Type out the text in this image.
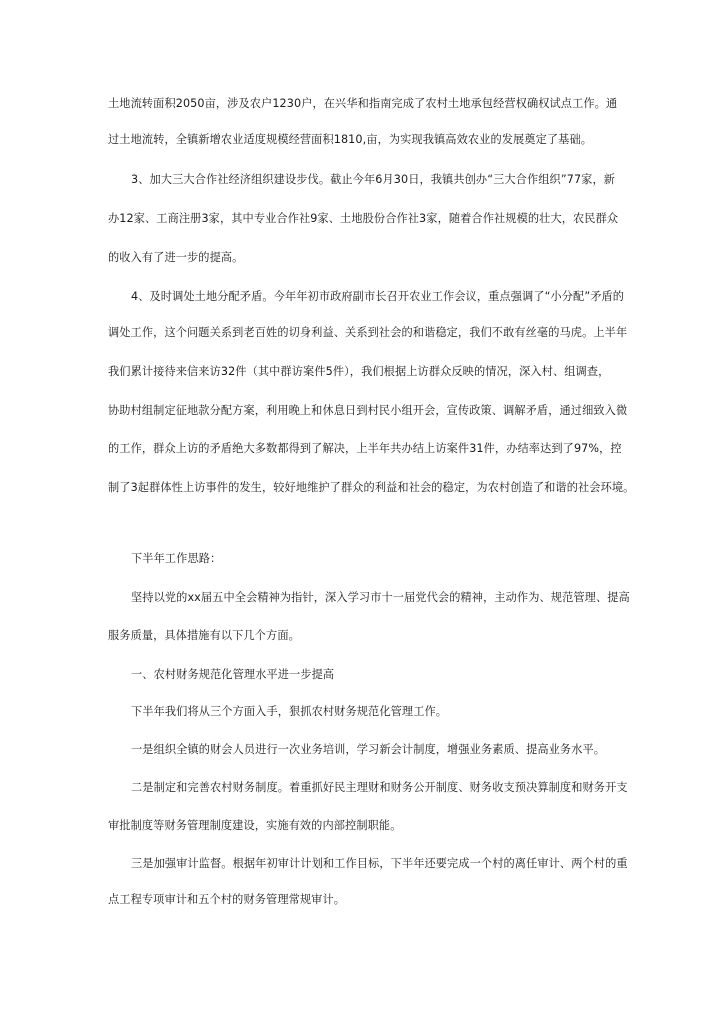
土地流转面积2050亩，涉及农户1230户，在兴华和指南完成了农村土地承包经营权确权试点工作。通
过土地流转，全镇新增农业适度规模经营面积1810,亩，为实现我镇高效农业的发展奠定了基础。
3、加大三大合作社经济组织建设步伐。截止今年6月30日，我镇共创办“三大合作组织”77家，新
办12家、工商注册3家，其中专业合作社9家、土地股份合作社3家，随着合作社规模的壮大，农民群众
的收入有了进一步的提高。
4、及时调处土地分配矛盾。今年年初市政府副市长召开农业工作会议，重点强调了“小分配”矛盾的
调处工作，这个问题关系到老百姓的切身利益、关系到社会的和谐稳定，我们不敢有丝毫的马虎。上半年
我们累计接待来信来访32件（其中群访案件5件），我们根据上访群众反映的情况，深入村、组调查，
协助村组制定征地款分配方案，利用晚上和休息日到村民小组开会，宣传政策、调解矛盾，通过细致入微
的工作，群众上访的矛盾绝大多数都得到了解决，上半年共办结上访案件31件，办结率达到了97%，控
制了3起群体性上访事件的发生，较好地维护了群众的利益和社会的稳定，为农村创造了和谐的社会环境。
下半年工作思路：
坚持以党的xx届五中全会精神为指针，深入学习市十一届党代会的精神，主动作为、规范管理、提高
服务质量，具体措施有以下几个方面。
一、农村财务规范化管理水平进一步提高
下半年我们将从三个方面入手，狠抓农村财务规范化管理工作。
一是组织全镇的财会人员进行一次业务培训，学习新会计制度，增强业务素质、提高业务水平。
二是制定和完善农村财务制度。着重抓好民主理财和财务公开制度、财务收支预决算制度和财务开支
审批制度等财务管理制度建设，实施有效的内部控制职能。
三是加强审计监督。根据年初审计计划和工作目标，下半年还要完成一个村的离任审计、两个村的重
点工程专项审计和五个村的财务管理常规审计。
